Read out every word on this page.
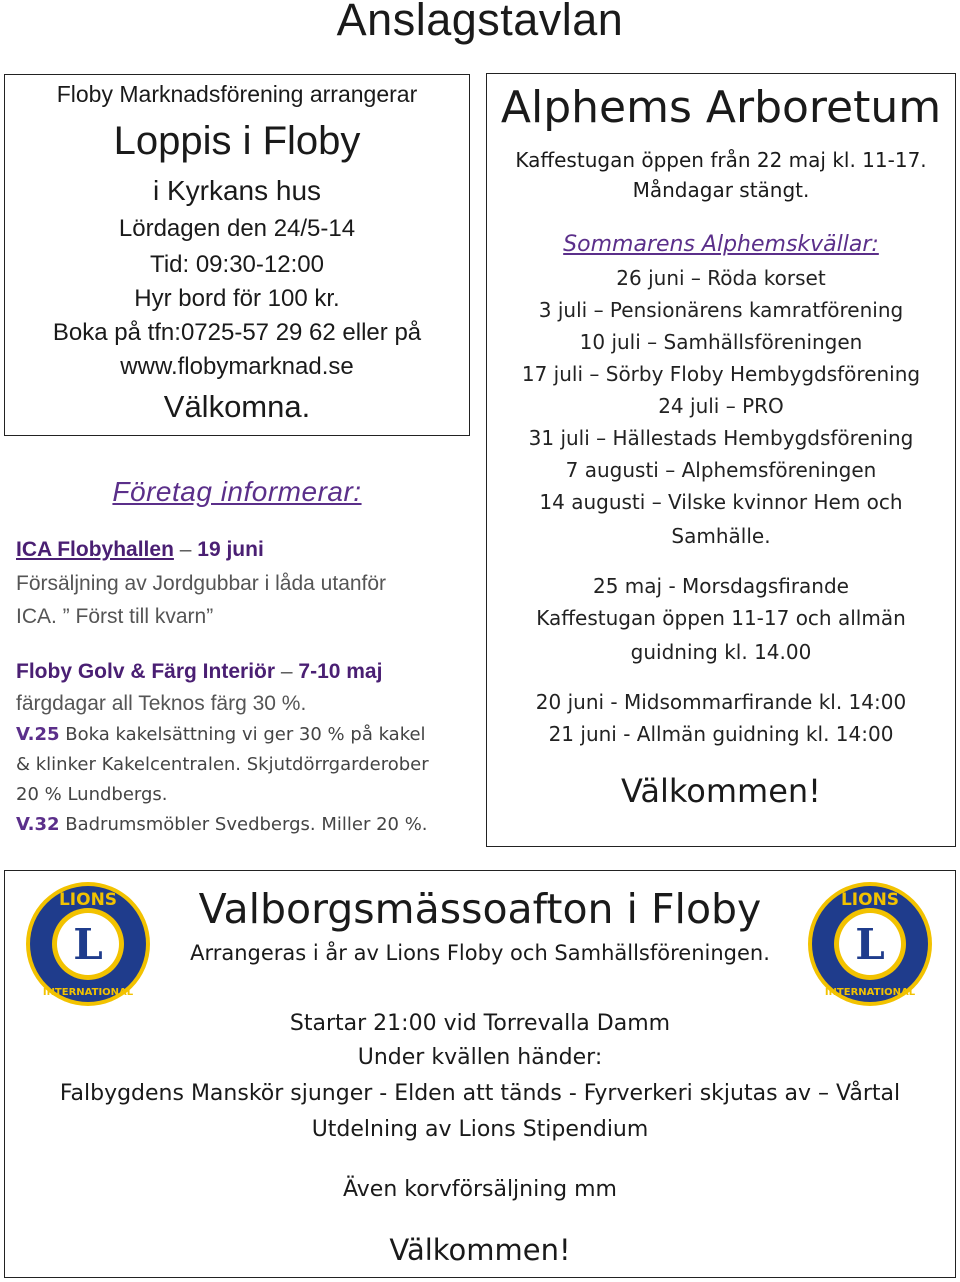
Anslagstavlan
Floby Marknadsförening arrangerar
Loppis i Floby
i Kyrkans hus
Lördagen den 24/5-14
Tid: 09:30-12:00
Hyr bord för 100 kr.
Boka på tfn:0725-57 29 62 eller på
www.flobymarknad.se
Välkomna.
Företag informerar:
ICA Flobyhallen – 19 juni
Försäljning av Jordgubbar i låda utanför
ICA. ” Först till kvarn”
Floby Golv & Färg Interiör – 7-10 maj
färgdagar all Teknos färg 30 %.
V.25 Boka kakelsättning vi ger 30 % på kakel
& klinker Kakelcentralen. Skjutdörrgarderober
20 % Lundbergs.
V.32 Badrumsmöbler Svedbergs. Miller 20 %.
Alphems Arboretum
Kaffestugan öppen från 22 maj kl. 11-17.
Måndagar stängt.
Sommarens Alphemskvällar:
26 juni – Röda korset
3 juli – Pensionärens kamratförening
10 juli – Samhällsföreningen
17 juli – Sörby Floby Hembygdsförening
24 juli – PRO
31 juli – Hällestads Hembygdsförening
7 augusti – Alphemsföreningen
14 augusti – Vilske kvinnor Hem och
Samhälle.
25 maj - Morsdagsfirande
Kaffestugan öppen 11-17 och allmän
guidning kl. 14.00
20 juni - Midsommarfirande kl. 14:00
21 juni - Allmän guidning kl. 14:00
Välkommen!
Valborgsmässoafton i Floby
Arrangeras i år av Lions Floby och Samhällsföreningen.
Startar 21:00 vid Torrevalla Damm
Under kvällen händer:
Falbygdens Manskör sjunger - Elden att tänds - Fyrverkeri skjutas av – Vårtal
Utdelning av Lions Stipendium
Även korvförsäljning mm
Välkommen!
L
LIONS
INTERNATIONAL
L
LIONS
INTERNATIONAL
